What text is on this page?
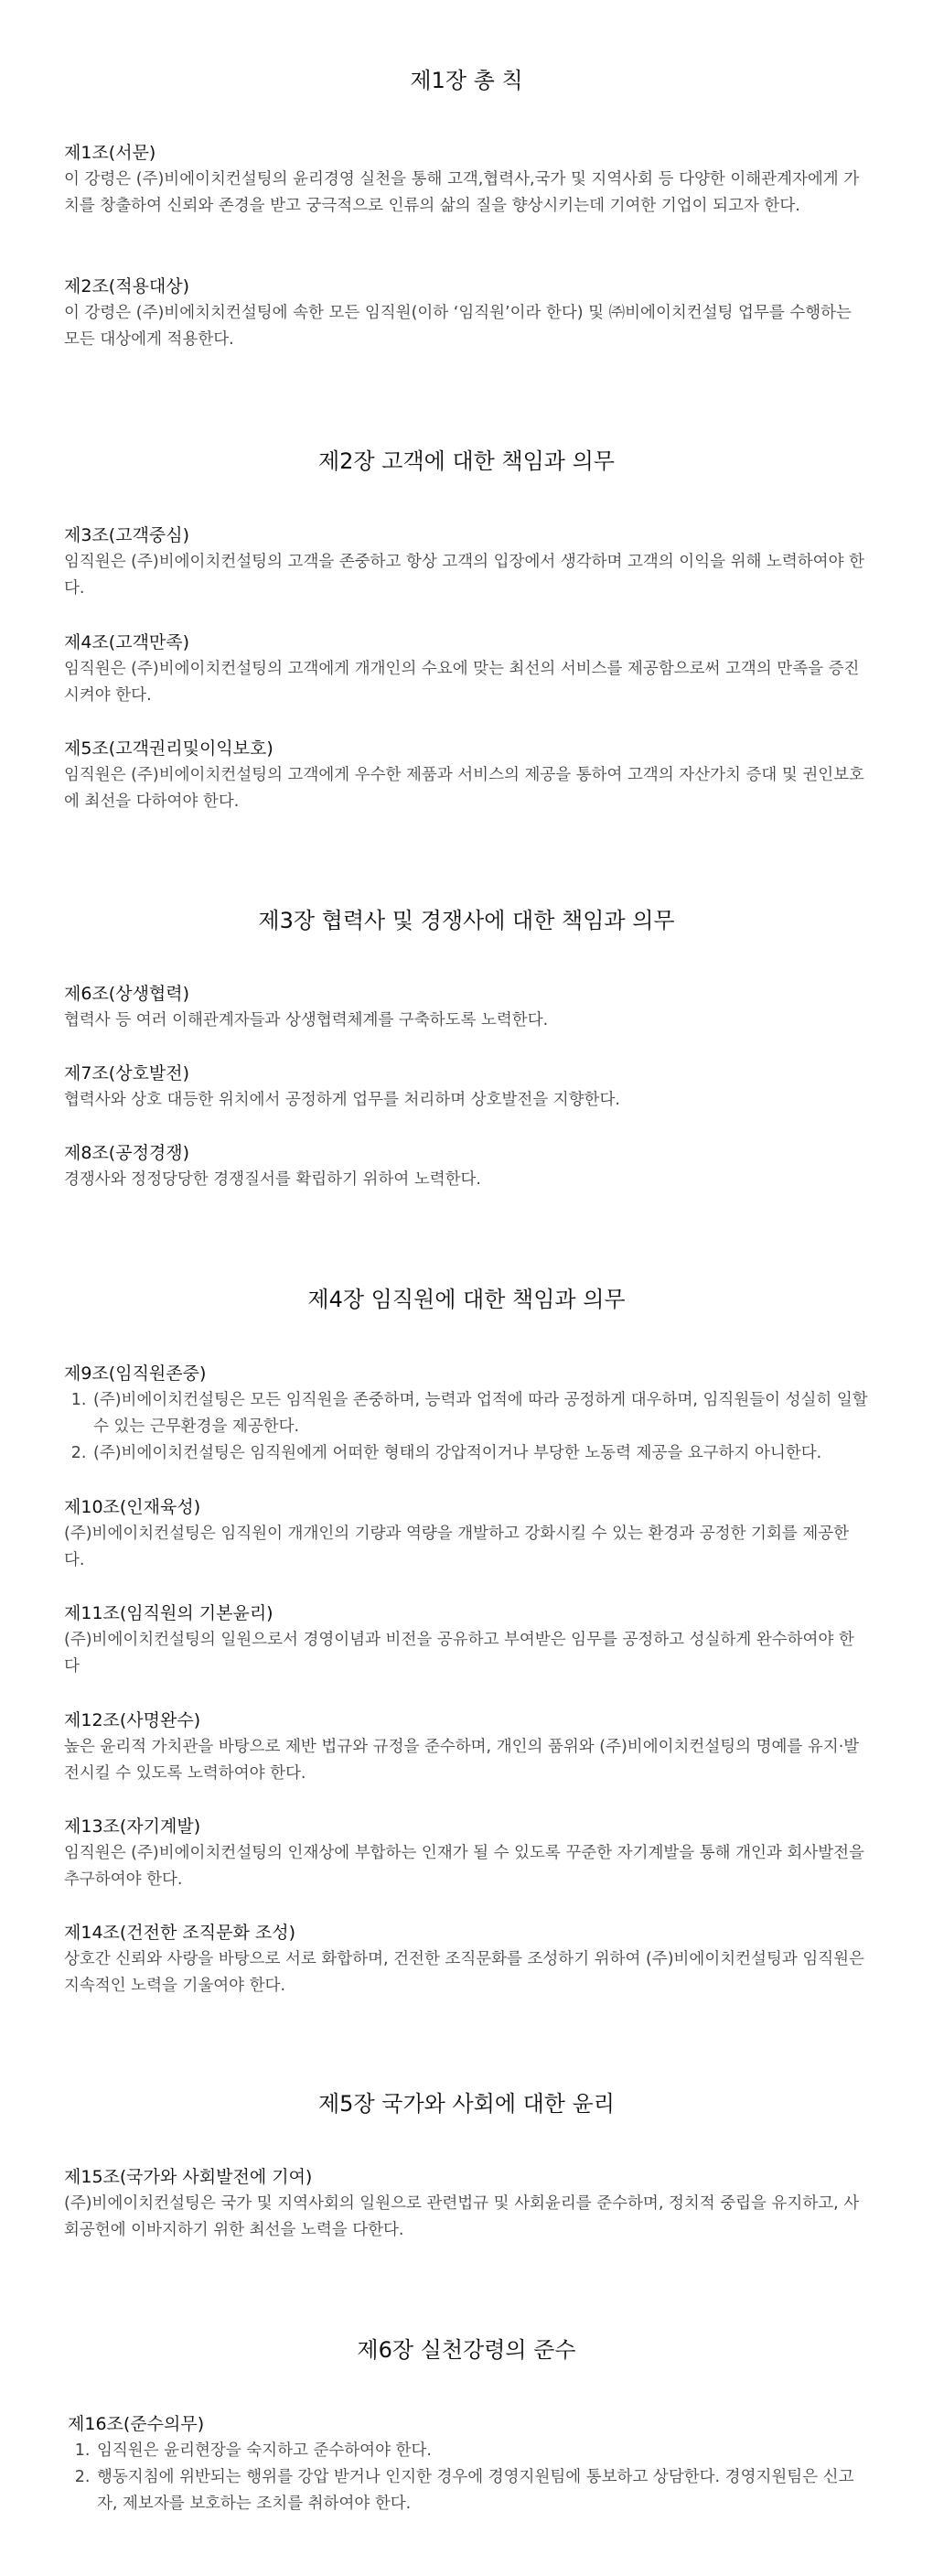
제1장 총 칙
제1조(서문)

이 강령은 (주)비에이치컨설팅의 윤리경영 실천을 통해 고객,협력사,국가 및 지역사회 등 다양한 이해관계자에게 가치를 창출하여 신뢰와 존경을 받고 궁극적으로 인류의 삶의 질을 향상시키는데 기여한 기업이 되고자 한다.

제2조(적용대상)

이 강령은 (주)비에치치컨설팅에 속한 모든 임직원(이하 ‘임직원’이라 한다) 및 ㈜비에이치컨설팅 업무를 수행하는 모든 대상에게 적용한다.

제2장 고객에 대한 책임과 의무
제3조(고객중심)

임직원은 (주)비에이치컨설팅의 고객을 존중하고 항상 고객의 입장에서 생각하며 고객의 이익을 위해 노력하여야 한다.

제4조(고객만족)

임직원은 (주)비에이치컨설팅의 고객에게 개개인의 수요에 맞는 최선의 서비스를 제공함으로써 고객의 만족을 증진시켜야 한다.

제5조(고객권리및이익보호)

임직원은 (주)비에이치컨설팅의 고객에게 우수한 제품과 서비스의 제공을 통하여 고객의 자산가치 증대 및 권인보호에 최선을 다하여야 한다.

제3장 협력사 및 경쟁사에 대한 책임과 의무
제6조(상생협력)

협력사 등 여러 이해관계자들과 상생협력체계를 구축하도록 노력한다.

제7조(상호발전)

협력사와 상호 대등한 위치에서 공정하게 업무를 처리하며 상호발전을 지향한다.

제8조(공정경쟁)

경쟁사와 정정당당한 경쟁질서를 확립하기 위하여 노력한다.

제4장 임직원에 대한 책임과 의무
제9조(임직원존중)
1. (주)비에이치컨설팅은 모든 임직원을 존중하며, 능력과 업적에 따라 공정하게 대우하며, 임직원들이 성실히 일할 수 있는 근무환경을 제공한다.
2. (주)비에이치컨설팅은 임직원에게 어떠한 형태의 강압적이거나 부당한 노동력 제공을 요구하지 아니한다.
제10조(인재육성)

(주)비에이치컨설팅은 임직원이 개개인의 기량과 역량을 개발하고 강화시킬 수 있는 환경과 공정한 기회를 제공한다.

제11조(임직원의 기본윤리)

(주)비에이치컨설팅의 일원으로서 경영이념과 비전을 공유하고 부여받은 임무를 공정하고 성실하게 완수하여야 한다

제12조(사명완수)

높은 윤리적 가치관을 바탕으로 제반 법규와 규정을 준수하며, 개인의 품위와 (주)비에이치컨설팅의 명예를 유지·발전시킬 수 있도록 노력하여야 한다.

제13조(자기계발)

임직원은 (주)비에이치컨설팅의 인재상에 부합하는 인재가 될 수 있도록 꾸준한 자기계발을 통해 개인과 회사발전을 추구하여야 한다.

제14조(건전한 조직문화 조성)

상호간 신뢰와 사랑을 바탕으로 서로 화합하며, 건전한 조직문화를 조성하기 위하여 (주)비에이치컨설팅과 임직원은 지속적인 노력을 기울여야 한다.

제5장 국가와 사회에 대한 윤리
제15조(국가와 사회발전에 기여)

(주)비에이치컨설팅은 국가 및 지역사회의 일원으로 관련법규 및 사회윤리를 준수하며, 정치적 중립을 유지하고, 사회공헌에 이바지하기 위한 최선을 노력을 다한다.

제6장 실천강령의 준수
제16조(준수의무)
1. 임직원은 윤리현장을 숙지하고 준수하여야 한다.
2. 행동지침에 위반되는 행위를 강압 받거나 인지한 경우에 경영지원팀에 통보하고 상담한다. 경영지원팀은 신고자, 제보자를 보호하는 조치를 취하여야 한다.
